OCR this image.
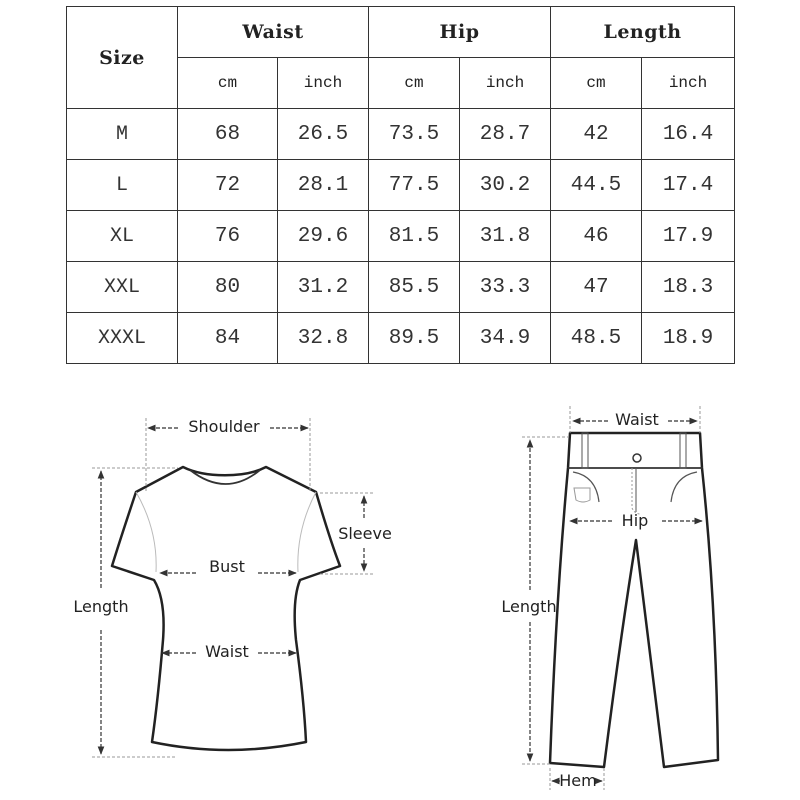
Size	Waist		Hip		Length	
	cm	inch	cm	inch	cm	inch
M	68	26.5	73.5	28.7	42	16.4
L	72	28.1	77.5	30.2	44.5	17.4
XL	76	29.6	81.5	31.8	46	17.9
XXL	80	31.2	85.5	33.3	47	18.3
XXXL	84	32.8	89.5	34.9	48.5	18.9
Shoulder
Sleeve
Bust
Waist
Length
Waist
Hip
Length
Hem
